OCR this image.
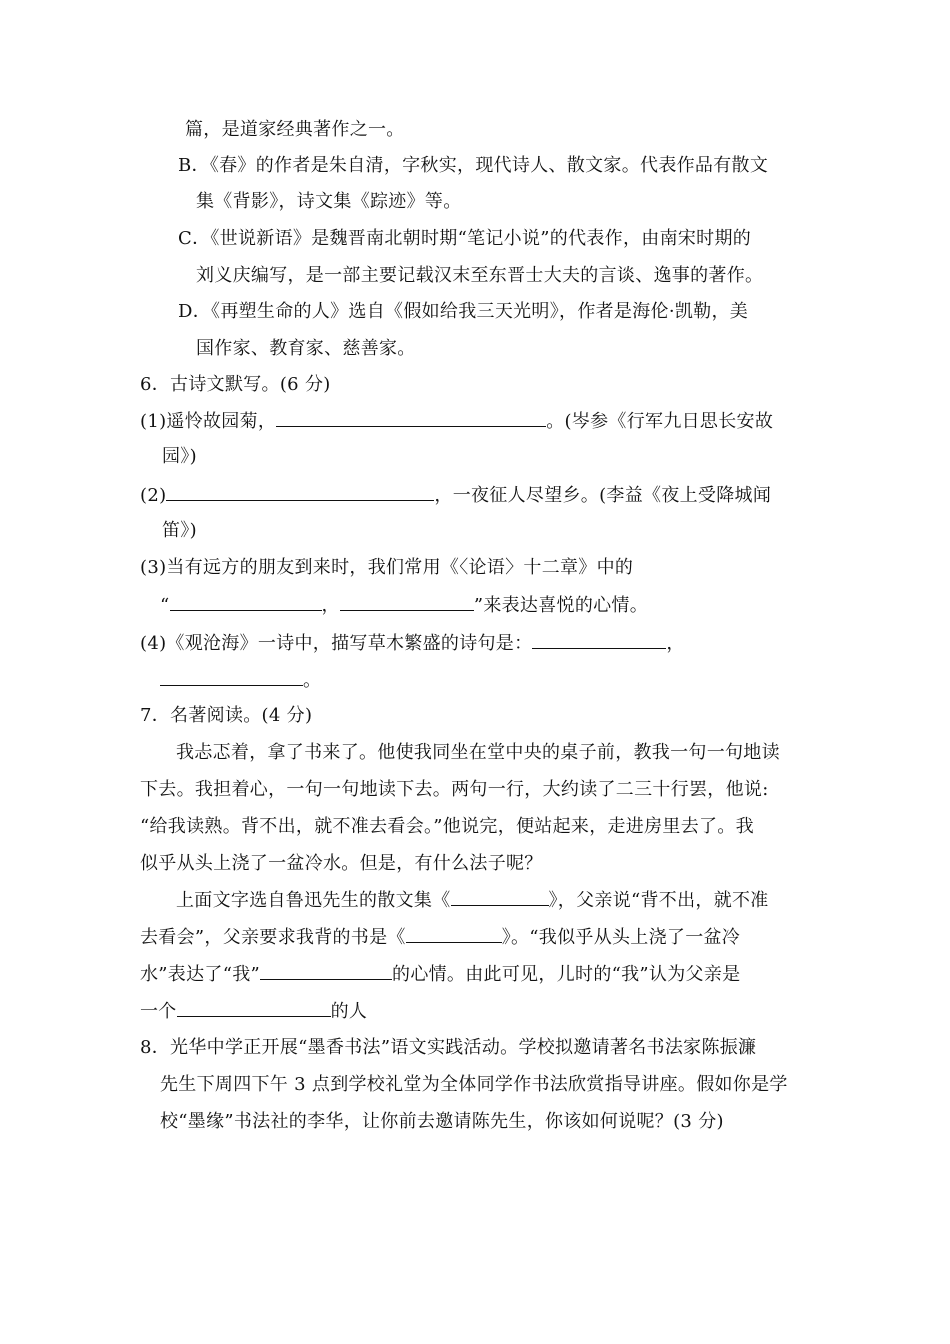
篇，是道家经典著作之一。
B．《春》的作者是朱自清，字秋实，现代诗人、散文家。代表作品有散文
集《背影》，诗文集《踪迹》等。
C．《世说新语》是魏晋南北朝时期“笔记小说”的代表作，由南宋时期的
刘义庆编写，是一部主要记载汉末至东晋士大夫的言谈、逸事的著作。
D．《再塑生命的人》选自《假如给我三天光明》，作者是海伦·凯勒，美
国作家、教育家、慈善家。
6．古诗文默写。(6 分)
(1)遥怜故园菊，	。(岑参《行军九日思长安故
园》)
(2)	，一夜征人尽望乡。(李益《夜上受降城闻
笛》)
(3)当有远方的朋友到来时，我们常用《〈论语〉十二章》中的
“	，	”来表达喜悦的心情。
(4)《观沧海》一诗中，描写草木繁盛的诗句是：	，
。
7．名著阅读。(4 分)
我忐忑着，拿了书来了。他使我同坐在堂中央的桌子前，教我一句一句地读
下去。我担着心，一句一句地读下去。两句一行，大约读了二三十行罢，他说:
“给我读熟。背不出，就不准去看会。”他说完，便站起来，走进房里去了。我
似乎从头上浇了一盆冷水。但是，有什么法子呢？
上面文字选自鲁迅先生的散文集《	》，父亲说“背不出，就不准
去看会”，父亲要求我背的书是《	》。“我似乎从头上浇了一盆冷
水”表达了“我”	的心情。由此可见，儿时的“我”认为父亲是
一个	的人
8．光华中学正开展“墨香书法”语文实践活动。学校拟邀请著名书法家陈振濂
先生下周四下午 3 点到学校礼堂为全体同学作书法欣赏指导讲座。假如你是学
校“墨缘”书法社的李华，让你前去邀请陈先生，你该如何说呢？(3 分)
